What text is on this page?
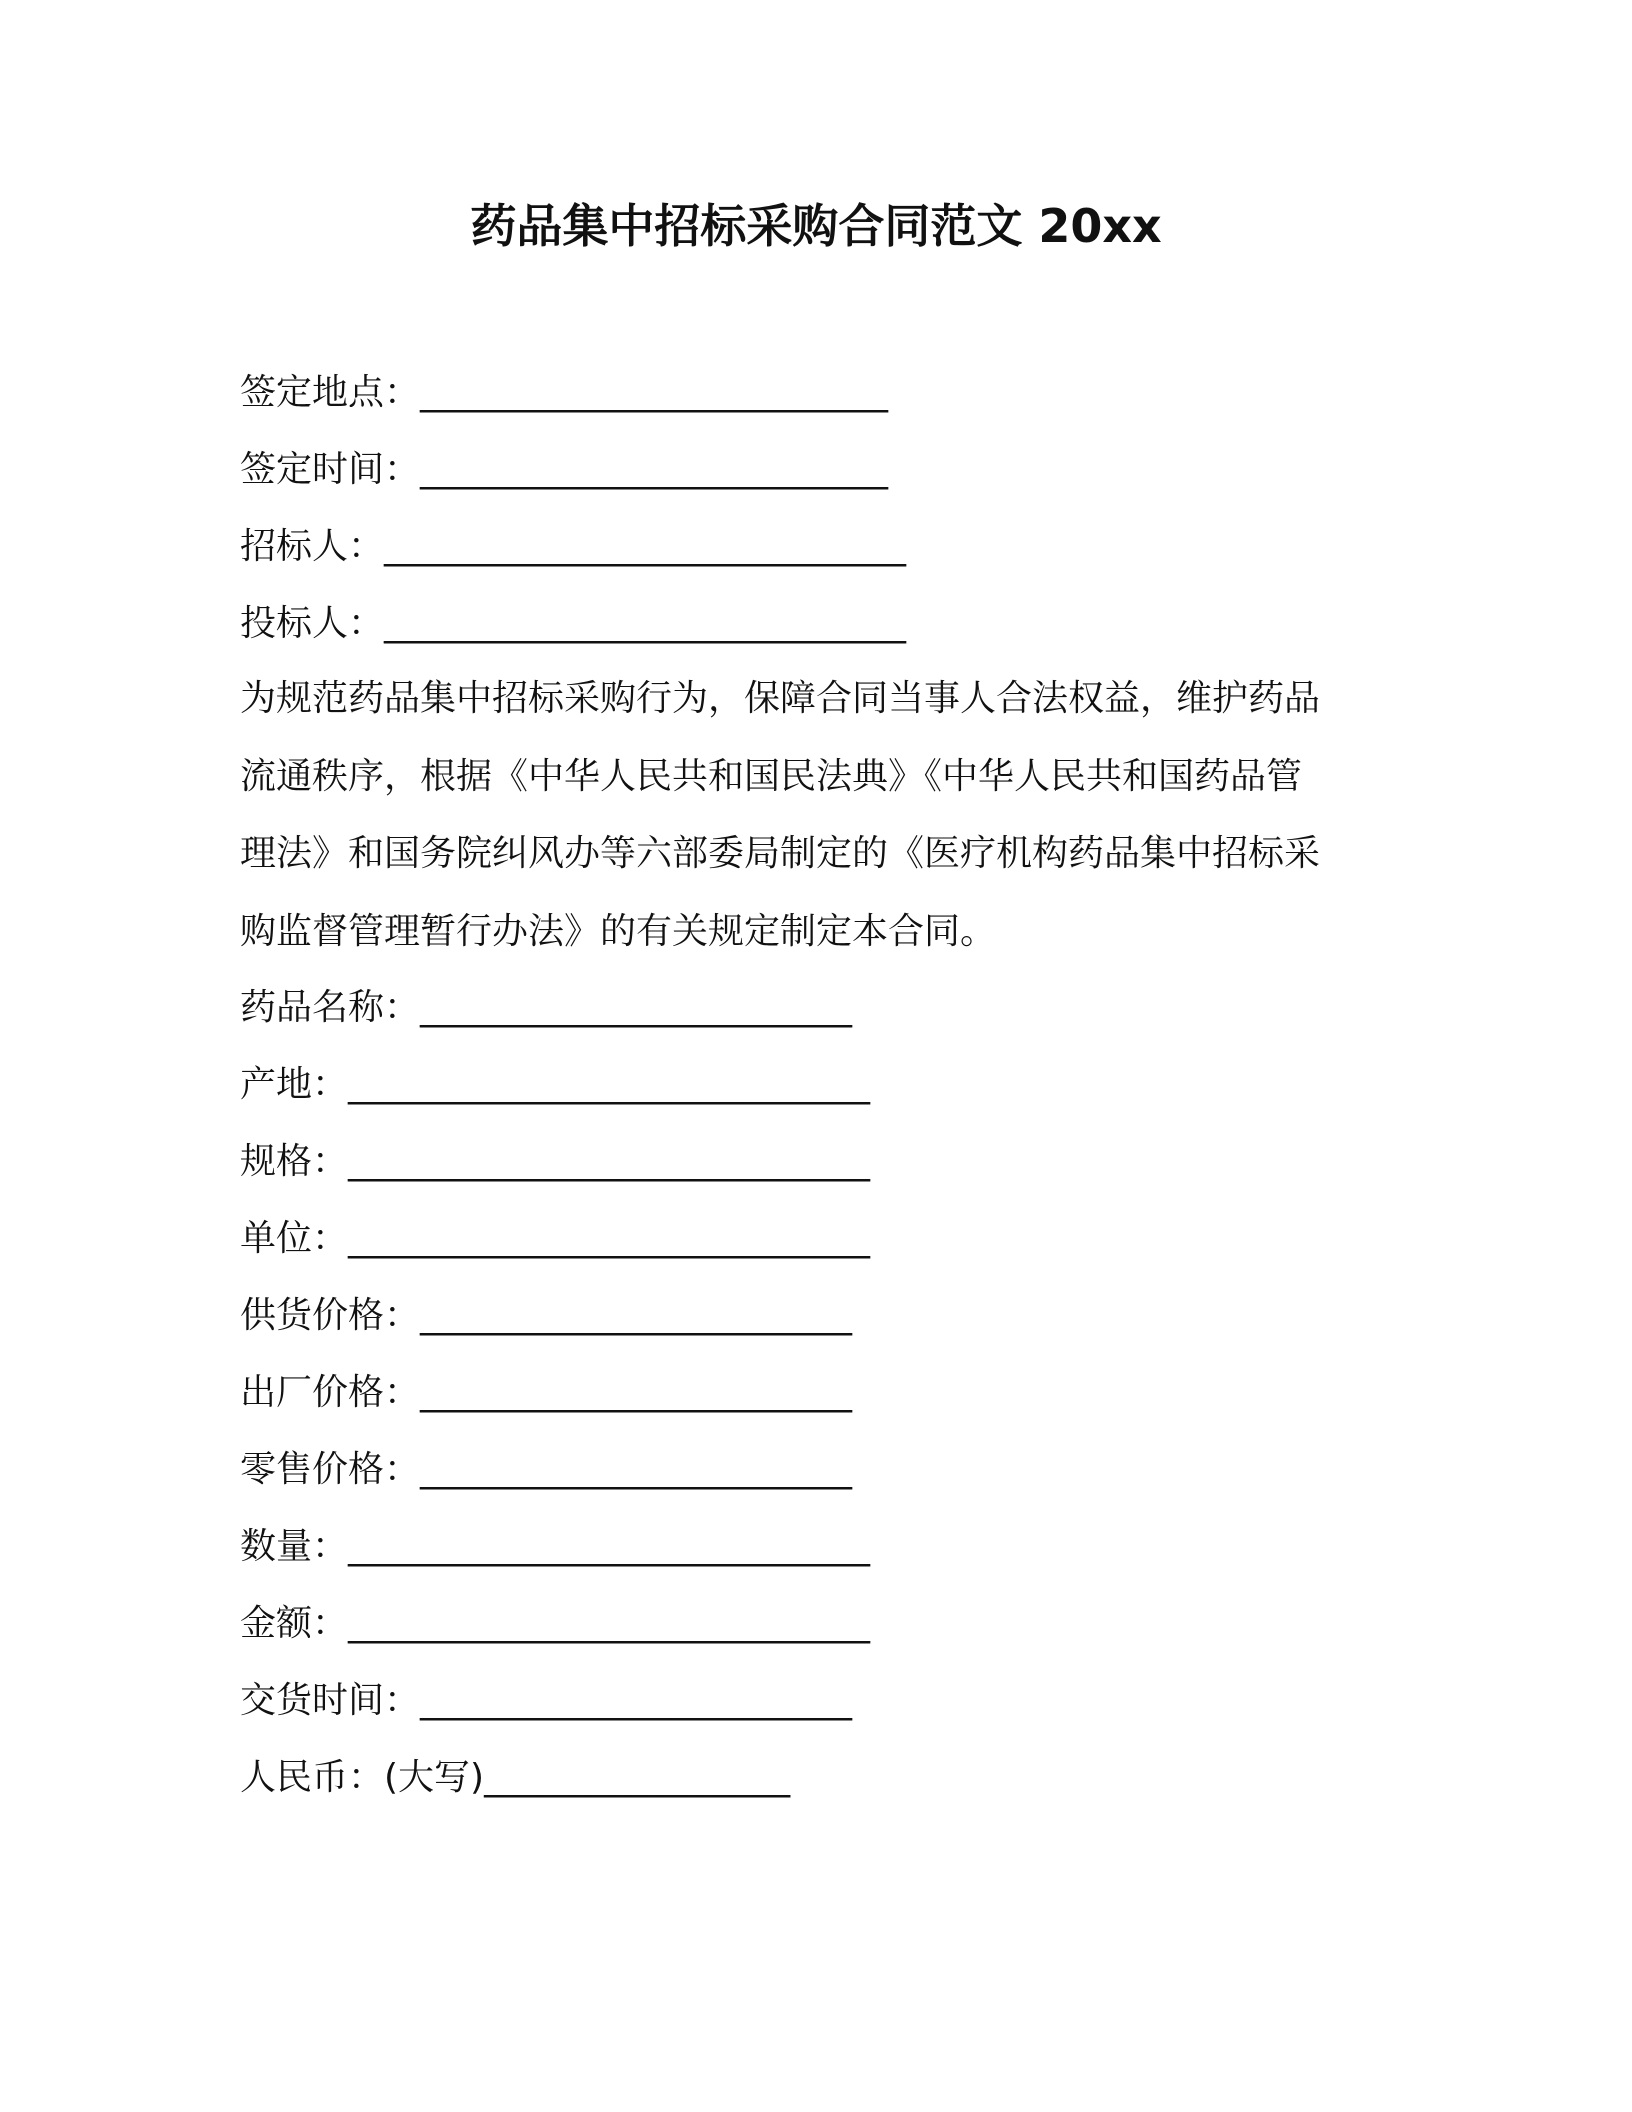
药品集中招标采购合同范文 20xx
签定地点：__________________________
签定时间：__________________________
招标人：_____________________________
投标人：_____________________________
为规范药品集中招标采购行为，保障合同当事人合法权益，维护药品
流通秩序，根据《中华人民共和国民法典》《中华人民共和国药品管
理法》和国务院纠风办等六部委局制定的《医疗机构药品集中招标采
购监督管理暂行办法》的有关规定制定本合同。
药品名称：________________________
产地：_____________________________
规格：_____________________________
单位：_____________________________
供货价格：________________________
出厂价格：________________________
零售价格：________________________
数量：_____________________________
金额：_____________________________
交货时间：________________________
人民币：(大写)_________________
